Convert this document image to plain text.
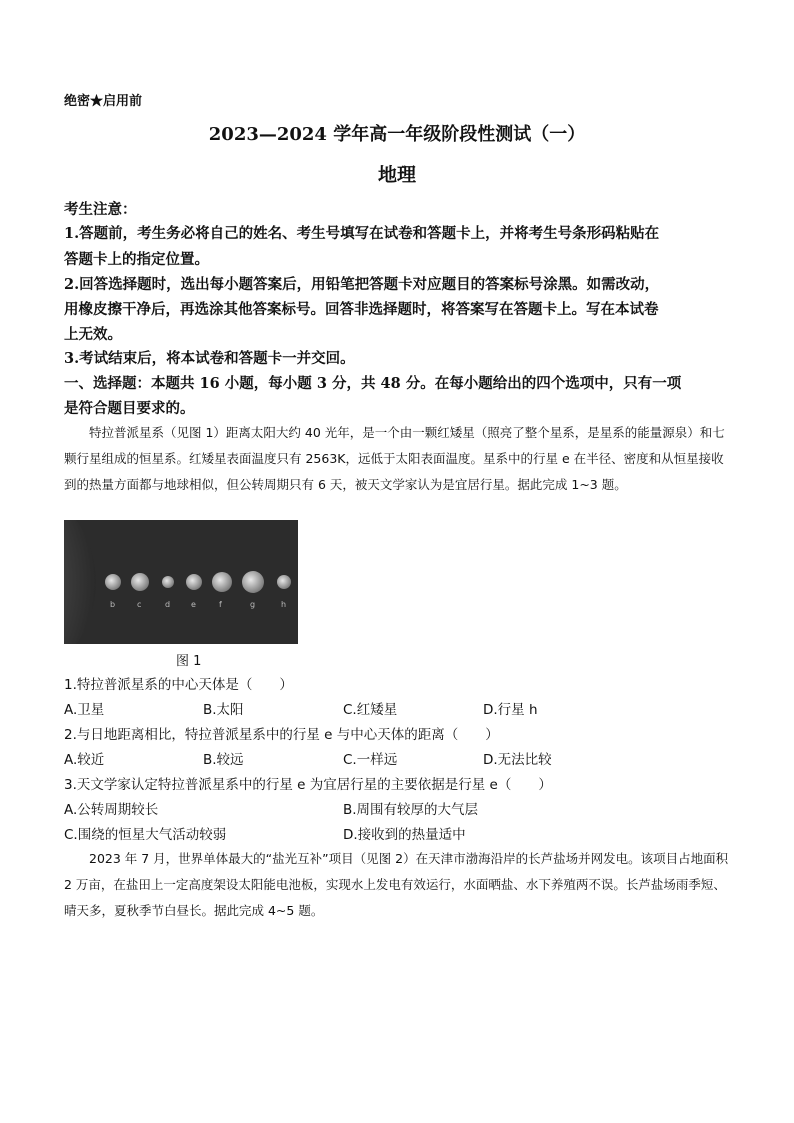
绝密★启用前
2023—2024 学年高一年级阶段性测试（一）
地理
考生注意：
1.答题前，考生务必将自己的姓名、考生号填写在试卷和答题卡上，并将考生号条形码粘贴在
答题卡上的指定位置。
2.回答选择题时，选出每小题答案后，用铅笔把答题卡对应题目的答案标号涂黑。如需改动，
用橡皮擦干净后，再选涂其他答案标号。回答非选择题时，将答案写在答题卡上。写在本试卷
上无效。
3.考试结束后，将本试卷和答题卡一并交回。
一、选择题：本题共 16 小题，每小题 3 分，共 48 分。在每小题给出的四个选项中，只有一项
是符合题目要求的。
特拉普派星系（见图 1）距离太阳大约 40 光年，是一个由一颗红矮星（照亮了整个星系，是星系的能量源泉）和七颗行星组成的恒星系。红矮星表面温度只有 2563K，远低于太阳表面温度。星系中的行星 e 在半径、密度和从恒星接收到的热量方面都与地球相似，但公转周期只有 6 天，被天文学家认为是宜居行星。据此完成 1~3 题。
b	c	d	e	f	g	h
图 1
1.特拉普派星系的中心天体是（　　）
A.卫星	B.太阳	C.红矮星	D.行星 h
2.与日地距离相比，特拉普派星系中的行星 e 与中心天体的距离（　　）
A.较近	B.较远	C.一样远	D.无法比较
3.天文学家认定特拉普派星系中的行星 e 为宜居行星的主要依据是行星 e（　　）
A.公转周期较长	B.周围有较厚的大气层
C.围绕的恒星大气活动较弱	D.接收到的热量适中
2023 年 7 月，世界单体最大的“盐光互补”项目（见图 2）在天津市渤海沿岸的长芦盐场并网发电。该项目占地面积 2 万亩，在盐田上一定高度架设太阳能电池板，实现水上发电有效运行，水面晒盐、水下养殖两不误。长芦盐场雨季短、晴天多，夏秋季节白昼长。据此完成 4~5 题。
